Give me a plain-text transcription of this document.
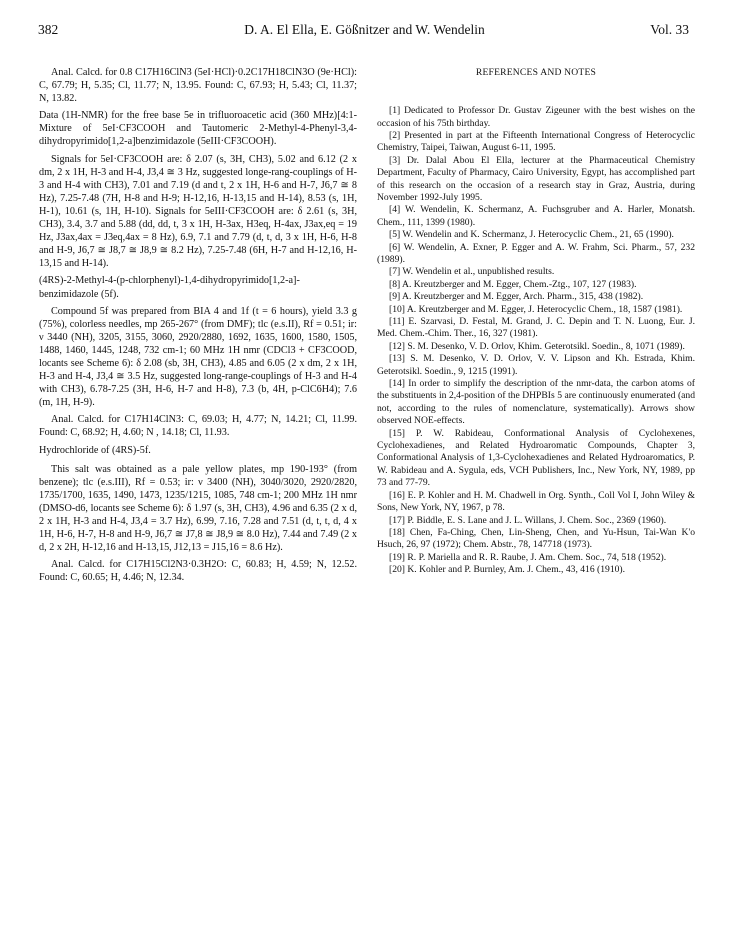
382	D. A. El Ella, E. Gößnitzer and W. Wendelin	Vol. 33

Anal. Calcd. for 0.8 C17H16ClN3 (5eI·HCl)·0.2C17H18ClN3O (9e·HCl): C, 67.79; H, 5.35; Cl, 11.77; N, 13.95. Found: C, 67.93; H, 5.43; Cl, 11.37; N, 13.82.

Data (1H-NMR) for the free base 5e in trifluoroacetic acid (360 MHz)[4:1-Mixture of 5eI·CF3COOH and Tautomeric 2-Methyl-4-Phenyl-3,4-dihydropyrimido[1,2-a]benzimidazole (5eIII·CF3COOH).

Signals for 5eI·CF3COOH are: δ 2.07 (s, 3H, CH3), 5.02 and 6.12 (2 x dm, 2 x 1H, H-3 and H-4, J3,4 ≅ 3 Hz, suggested longe-rang-couplings of H-3 and H-4 with CH3), 7.01 and 7.19 (d and t, 2 x 1H, H-6 and H-7, J6,7 ≅ 8 Hz), 7.25-7.48 (7H, H-8 and H-9; H-12,16, H-13,15 and H-14), 8.53 (s, 1H, H-1), 10.61 (s, 1H, H-10). Signals for 5eIII·CF3COOH are: δ 2.61 (s, 3H, CH3), 3.4, 3.7 and 5.88 (dd, dd, t, 3 x 1H, H-3ax, H3eq, H-4ax, J3ax,eq = 19 Hz, J3ax,4ax = J3eq,4ax = 8 Hz), 6.9, 7.1 and 7.79 (d, t, d, 3 x 1H, H-6, H-8 and H-9, J6,7 ≅ J8,7 ≅ J8,9 ≅ 8.2 Hz), 7.25-7.48 (6H, H-7 and H-12,16, H-13,15 and H-14).

(4RS)-2-Methyl-4-(p-chlorphenyl)-1,4-dihydropyrimido[1,2-a]-benzimidazole (5f).

Compound 5f was prepared from BIA 4 and 1f (t = 6 hours), yield 3.3 g (75%), colorless needles, mp 265-267° (from DMF); tlc (e.s.II), Rf = 0.51; ir: ν 3440 (NH), 3205, 3155, 3060, 2920/2880, 1692, 1635, 1600, 1580, 1505, 1488, 1460, 1445, 1248, 732 cm-1; 60 MHz 1H nmr (CDCl3 + CF3COOD, locants see Scheme 6): δ 2.08 (sb, 3H, CH3), 4.85 and 6.05 (2 x dm, 2 x 1H, H-3 and H-4, J3,4 ≅ 3.5 Hz, suggested long-range-couplings of H-3 and H-4 with CH3), 6.78-7.25 (3H, H-6, H-7 and H-8), 7.3 (b, 4H, p-ClC6H4); 7.6 (m, 1H, H-9).

Anal. Calcd. for C17H14ClN3: C, 69.03; H, 4.77; N, 14.21; Cl, 11.99. Found: C, 68.92; H, 4.60; N , 14.18; Cl, 11.93.

Hydrochloride of (4RS)-5f.

This salt was obtained as a pale yellow plates, mp 190-193° (from benzene); tlc (e.s.III), Rf = 0.53; ir: ν 3400 (NH), 3040/3020, 2920/2820, 1735/1700, 1635, 1490, 1473, 1235/1215, 1085, 748 cm-1; 200 MHz 1H nmr (DMSO-d6, locants see Scheme 6): δ 1.97 (s, 3H, CH3), 4.96 and 6.35 (2 x d, 2 x 1H, H-3 and H-4, J3,4 = 3.7 Hz), 6.99, 7.16, 7.28 and 7.51 (d, t, t, d, 4 x 1H, H-6, H-7, H-8 and H-9, J6,7 ≅ J7,8 ≅ J8,9 ≅ 8.0 Hz), 7.44 and 7.49 (2 x d, 2 x 2H, H-12,16 and H-13,15, J12,13 = J15,16 = 8.6 Hz).

Anal. Calcd. for C17H15Cl2N3·0.3H2O: C, 60.83; H, 4.59; N, 12.52. Found: C, 60.65; H, 4.46; N, 12.34.

REFERENCES AND NOTES

[1] Dedicated to Professor Dr. Gustav Zigeuner with the best wishes on the occasion of his 75th birthday.

[2] Presented in part at the Fifteenth International Congress of Heterocyclic Chemistry, Taipei, Taiwan, August 6-11, 1995.

[3] Dr. Dalal Abou El Ella, lecturer at the Pharmaceutical Chemistry Department, Faculty of Pharmacy, Cairo University, Egypt, has accomplished part of this research on the occasion of a research stay in Graz, Austria, during November 1992-July 1995.

[4] W. Wendelin, K. Schermanz, A. Fuchsgruber and A. Harler, Monatsh. Chem., 111, 1399 (1980).

[5] W. Wendelin and K. Schermanz, J. Heterocyclic Chem., 21, 65 (1990).

[6] W. Wendelin, A. Exner, P. Egger and A. W. Frahm, Sci. Pharm., 57, 232 (1989).

[7] W. Wendelin et al., unpublished results.

[8] A. Kreutzberger and M. Egger, Chem.-Ztg., 107, 127 (1983).

[9] A. Kreutzberger and M. Egger, Arch. Pharm., 315, 438 (1982).

[10] A. Kreutzberger and M. Egger, J. Heterocyclic Chem., 18, 1587 (1981).

[11] E. Szarvasi, D. Festal, M. Grand, J. C. Depin and T. N. Luong, Eur. J. Med. Chem.-Chim. Ther., 16, 327 (1981).

[12] S. M. Desenko, V. D. Orlov, Khim. Geterotsikl. Soedin., 8, 1071 (1989).

[13] S. M. Desenko, V. D. Orlov, V. V. Lipson and Kh. Estrada, Khim. Geterotsikl. Soedin., 9, 1215 (1991).

[14] In order to simplify the description of the nmr-data, the carbon atoms of the substituents in 2,4-position of the DHPBIs 5 are continuously enumerated (and not, according to the rules of nomenclature, systematically). Arrows show observed NOE-effects.

[15] P. W. Rabideau, Conformational Analysis of Cyclohexenes, Cyclohexadienes, and Related Hydroaromatic Compounds, Chapter 3, Conformational Analysis of 1,3-Cyclohexadienes and Related Hydroaromatics, P. W. Rabideau and A. Sygula, eds, VCH Publishers, Inc., New York, NY, 1989, pp 73 and 77-79.

[16] E. P. Kohler and H. M. Chadwell in Org. Synth., Coll Vol I, John Wiley & Sons, New York, NY, 1967, p 78.

[17] P. Biddle, E. S. Lane and J. L. Willans, J. Chem. Soc., 2369 (1960).

[18] Chen, Fa-Ching, Chen, Lin-Sheng, Chen, and Yu-Hsun, Tai-Wan K'o Hsuch, 26, 97 (1972); Chem. Abstr., 78, 147718 (1973).

[19] R. P. Mariella and R. R. Raube, J. Am. Chem. Soc., 74, 518 (1952).

[20] K. Kohler and P. Burnley, Am. J. Chem., 43, 416 (1910).
